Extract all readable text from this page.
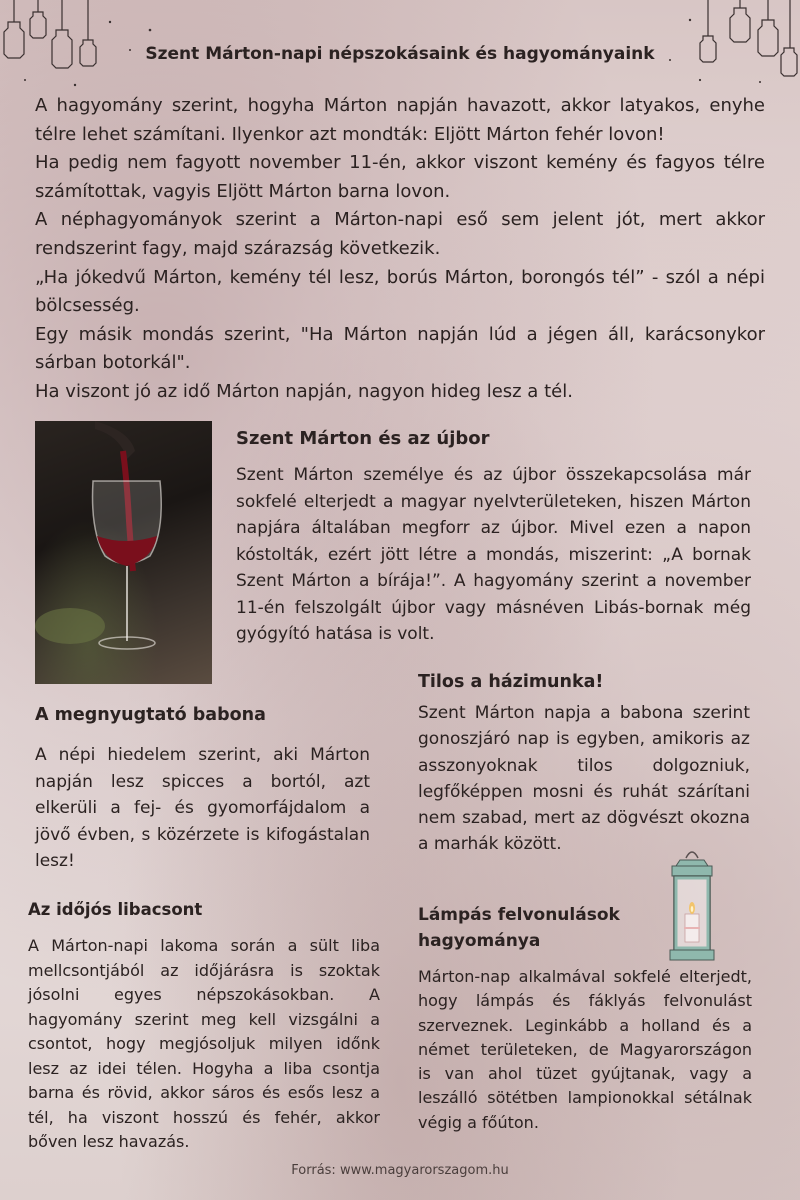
Szent Márton-napi népszokásaink és hagyományaink

A hagyomány szerint, hogyha Márton napján havazott, akkor latyakos, enyhe télre lehet számítani. Ilyenkor azt mondták: Eljött Márton fehér lovon!

Ha pedig nem fagyott november 11-én, akkor viszont kemény és fagyos télre számítottak, vagyis Eljött Márton barna lovon.

A néphagyományok szerint a Márton-napi eső sem jelent jót, mert akkor rendszerint fagy, majd szárazság következik.

„Ha jókedvű Márton, kemény tél lesz, borús Márton, borongós tél” - szól a népi bölcsesség.

Egy másik mondás szerint, "Ha Márton napján lúd a jégen áll, karácsonykor sárban botorkál".

Ha viszont jó az idő Márton napján, nagyon hideg lesz a tél.

Szent Márton és az újbor

Szent Márton személye és az újbor összekapcsolása már sokfelé elterjedt a magyar nyelvterületeken, hiszen Márton napjára általában megforr az újbor. Mivel ezen a napon kóstolták, ezért jött létre a mondás, miszerint: „A bornak Szent Márton a bírája!”. A hagyomány szerint a november 11-én felszolgált újbor vagy másnéven Libás-bornak még gyógyító hatása is volt.

Tilos a házimunka!

Szent Márton napja a babona szerint gonoszjáró nap is egyben, amikoris az asszonyoknak tilos dolgozniuk, legfőképpen mosni és ruhát szárítani nem szabad, mert az dögvészt okozna a marhák között.

A megnyugtató babona

A népi hiedelem szerint, aki Márton napján lesz spicces a bortól, azt elkerüli a fej- és gyomorfájdalom a jövő évben, s közérzete is kifogástalan lesz!

Az időjós libacsont

A Márton-napi lakoma során a sült liba mellcsontjából az időjárásra is szoktak jósolni egyes népszokásokban. A hagyomány szerint meg kell vizsgálni a csontot, hogy megjósoljuk milyen időnk lesz az idei télen. Hogyha a liba csontja barna és rövid, akkor sáros és esős lesz a tél, ha viszont hosszú és fehér, akkor bőven lesz havazás.

Lámpás felvonulások hagyománya

Márton-nap alkalmával sokfelé elterjedt, hogy lámpás és fáklyás felvonulást szerveznek. Leginkább a holland és a német területeken, de Magyarországon is van ahol tüzet gyújtanak, vagy a leszálló sötétben lampionokkal sétálnak végig a főúton.

Forrás: www.magyarorszagom.hu
